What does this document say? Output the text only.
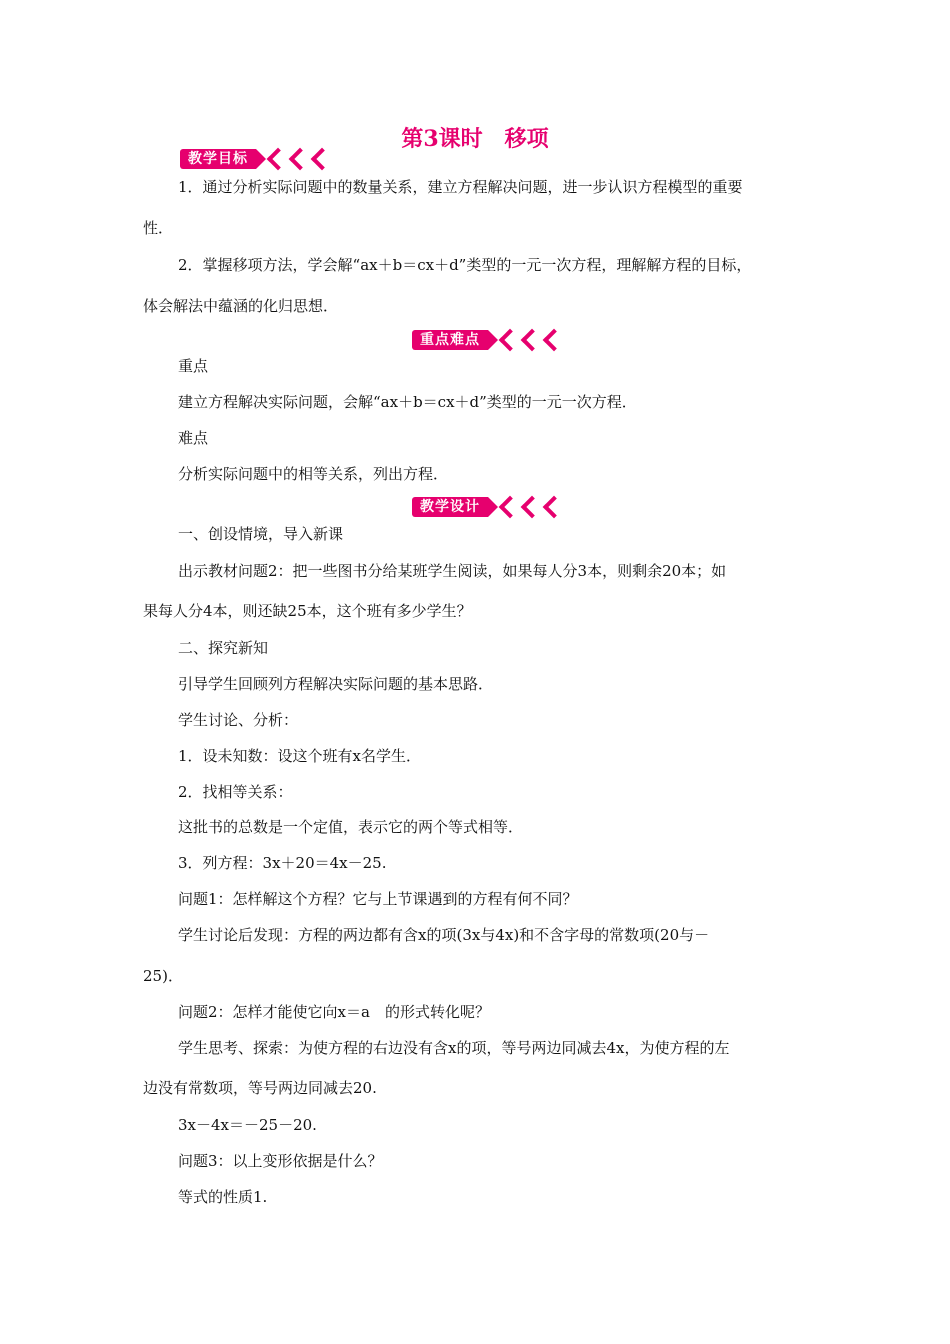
第3课时　移项
教学目标
1．通过分析实际问题中的数量关系，建立方程解决问题，进一步认识方程模型的重要
性．
2．掌握移项方法，学会解“ax＋b＝cx＋d”类型的一元一次方程，理解解方程的目标，
体会解法中蕴涵的化归思想．
重点难点
重点
建立方程解决实际问题，会解“ax＋b＝cx＋d”类型的一元一次方程．
难点
分析实际问题中的相等关系，列出方程．
教学设计
一、创设情境，导入新课
出示教材问题2：把一些图书分给某班学生阅读，如果每人分3本，则剩余20本；如
果每人分4本，则还缺25本，这个班有多少学生？
二、探究新知
引导学生回顾列方程解决实际问题的基本思路．
学生讨论、分析：
1．设未知数：设这个班有x名学生．
2．找相等关系：
这批书的总数是一个定值，表示它的两个等式相等．
3．列方程：3x＋20＝4x－25.
问题1：怎样解这个方程？它与上节课遇到的方程有何不同？
学生讨论后发现：方程的两边都有含x的项(3x与4x)和不含字母的常数项(20与－
25)．
问题2：怎样才能使它向x＝a　的形式转化呢？
学生思考、探索：为使方程的右边没有含x的项，等号两边同减去4x，为使方程的左
边没有常数项，等号两边同减去20.
3x－4x＝－25－20.
问题3：以上变形依据是什么？
等式的性质1.
